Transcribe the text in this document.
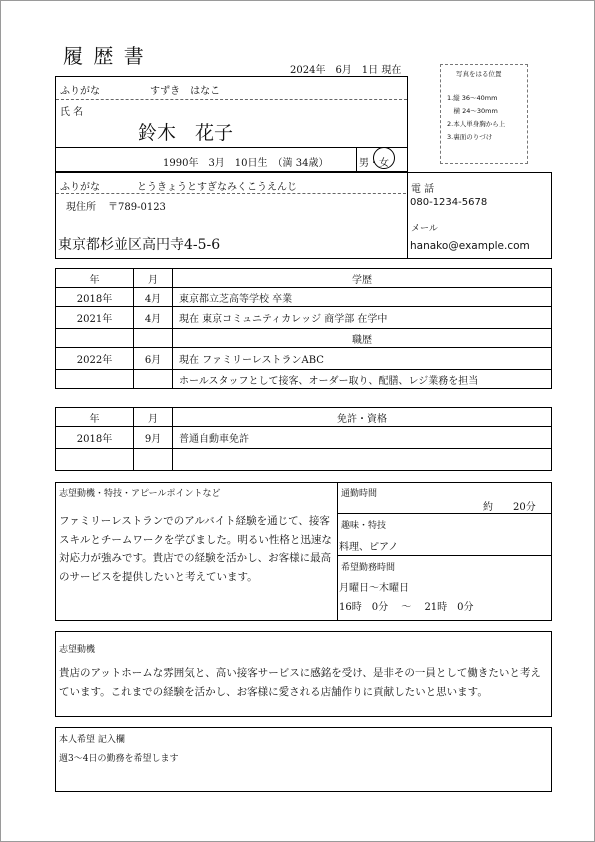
履 歴 書
2024年　6月　1日 現在	写真をはる位置
1.縦 36〜40mm
　横 24〜30mm
2.本人単身胸から上
3.裏面のりづけ
ふりがな	すずき　はなこ
氏 名
鈴木　花子
1990年　3月　10日生　（満 34歳）	男 ・ 女
ふりがな	とうきょうとすぎなみくこうえんじ
現住所 〒789-0123
東京都杉並区高円寺4-5-6
電 話
080-1234-5678
メール
hanako@example.com
年	月	学歴
2018年	4月	東京都立芝高等学校 卒業
2021年	4月	現在 東京コミュニティカレッジ 商学部 在学中
		職歴
2022年	6月	現在 ファミリーレストランABC
		ホールスタッフとして接客、オーダー取り、配膳、レジ業務を担当
年	月	免許・資格
2018年	9月	普通自動車免許

志望動機・特技・アピールポイントなど
ファミリーレストランでのアルバイト経験を通じて、接客スキルとチームワークを学びました。明るい性格と迅速な対応力が強みです。貴店での経験を活かし、お客様に最高のサービスを提供したいと考えています。
通勤時間
約　　20分
趣味・特技
料理、ピアノ
希望勤務時間
月曜日〜木曜日
16時　0分　 〜　 21時　0分
志望動機
貴店のアットホームな雰囲気と、高い接客サービスに感銘を受け、是非その一員として働きたいと考えています。これまでの経験を活かし、お客様に愛される店舗作りに貢献したいと思います。
本人希望 記入欄
週3〜4日の勤務を希望します
